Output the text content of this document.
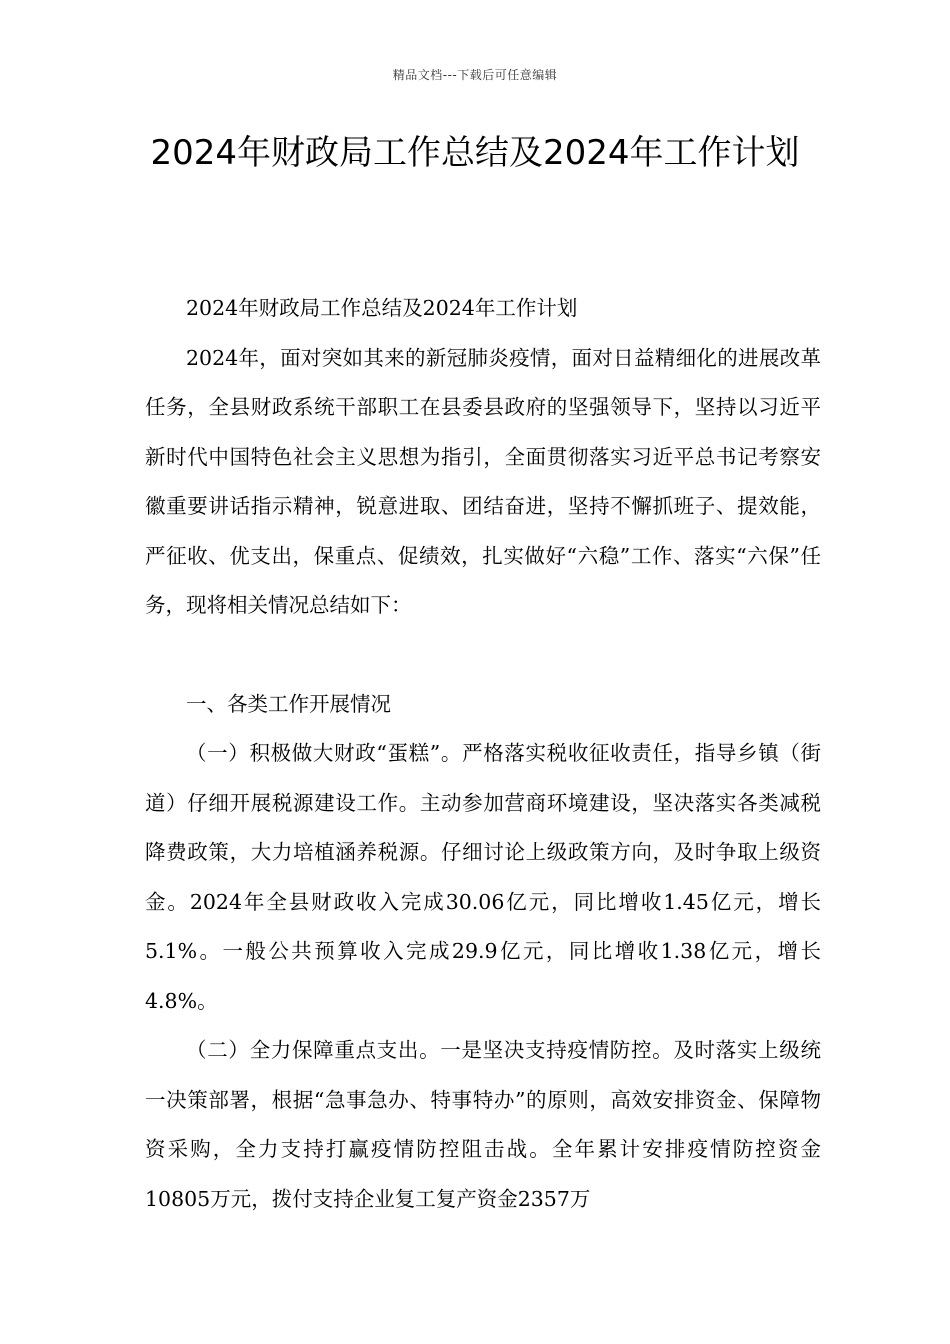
精品文档---下载后可任意编辑
2024年财政局工作总结及2024年工作计划

2024年财政局工作总结及2024年工作计划

2024年，面对突如其来的新冠肺炎疫情，面对日益精细化的进展改革任务，全县财政系统干部职工在县委县政府的坚强领导下，坚持以习近平新时代中国特色社会主义思想为指引，全面贯彻落实习近平总书记考察安徽重要讲话指示精神，锐意进取、团结奋进，坚持不懈抓班子、提效能，严征收、优支出，保重点、促绩效，扎实做好“六稳”工作、落实“六保”任务，现将相关情况总结如下：

一、各类工作开展情况

（一）积极做大财政“蛋糕”。严格落实税收征收责任，指导乡镇（街道）仔细开展税源建设工作。主动参加营商环境建设，坚决落实各类减税降费政策，大力培植涵养税源。仔细讨论上级政策方向，及时争取上级资金。2024年全县财政收入完成30.06亿元，同比增收1.45亿元，增长5.1%。一般公共预算收入完成29.9亿元，同比增收1.38亿元，增长4.8%。

（二）全力保障重点支出。一是坚决支持疫情防控。及时落实上级统一决策部署，根据“急事急办、特事特办”的原则，高效安排资金、保障物资采购，全力支持打赢疫情防控阻击战。全年累计安排疫情防控资金10805万元，拨付支持企业复工复产资金2357万
